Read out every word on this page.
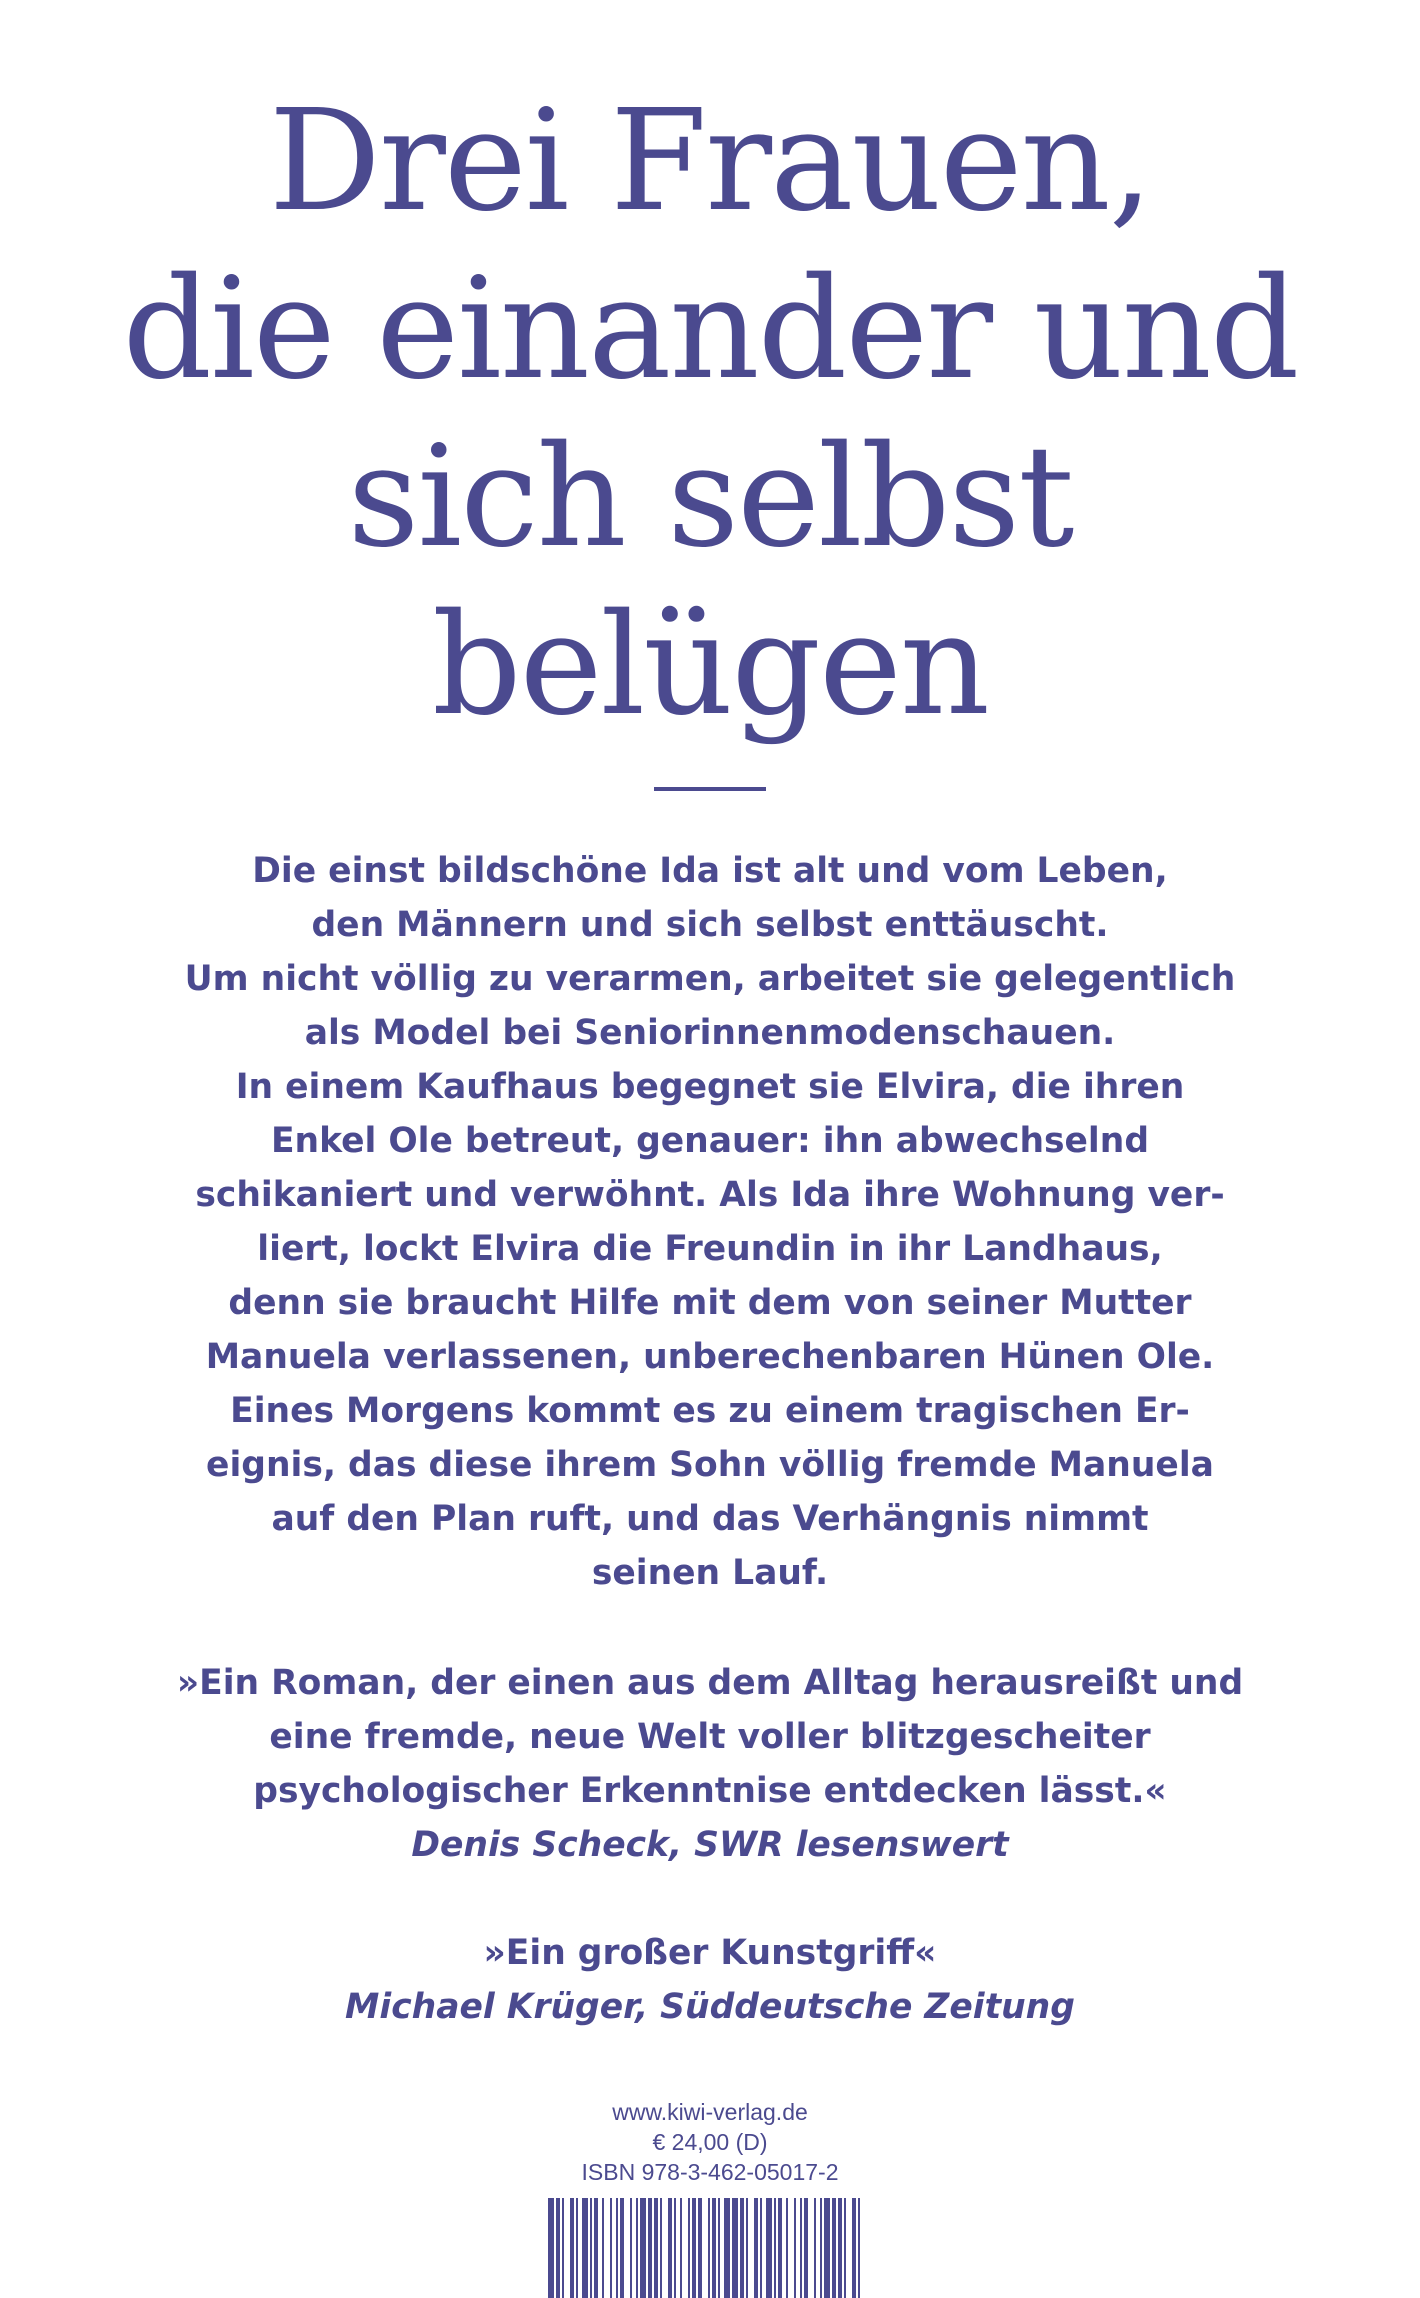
Drei Frauen,
die einander und
sich selbst
belügen

Die einst bildschöne Ida ist alt und vom Leben,
den Männern und sich selbst enttäuscht.
Um nicht völlig zu verarmen, arbeitet sie gelegentlich
als Model bei Seniorinnenmodenschauen.
In einem Kaufhaus begegnet sie Elvira, die ihren
Enkel Ole betreut, genauer: ihn abwechselnd
schikaniert und verwöhnt. Als Ida ihre Wohnung ver-
liert, lockt Elvira die Freundin in ihr Landhaus,
denn sie braucht Hilfe mit dem von seiner Mutter
Manuela verlassenen, unberechenbaren Hünen Ole.
Eines Morgens kommt es zu einem tragischen Er-
eignis, das diese ihrem Sohn völlig fremde Manuela
auf den Plan ruft, und das Verhängnis nimmt
seinen Lauf.

»Ein Roman, der einen aus dem Alltag herausreißt und
eine fremde, neue Welt voller blitzgescheiter
psychologischer Erkenntnise entdecken lässt.«
Denis Scheck, SWR lesenswert
»Ein großer Kunstgriff«
Michael Krüger, Süddeutsche Zeitung
www.kiwi-verlag.de
€ 24,00 (D)
ISBN 978-3-462-05017-2
